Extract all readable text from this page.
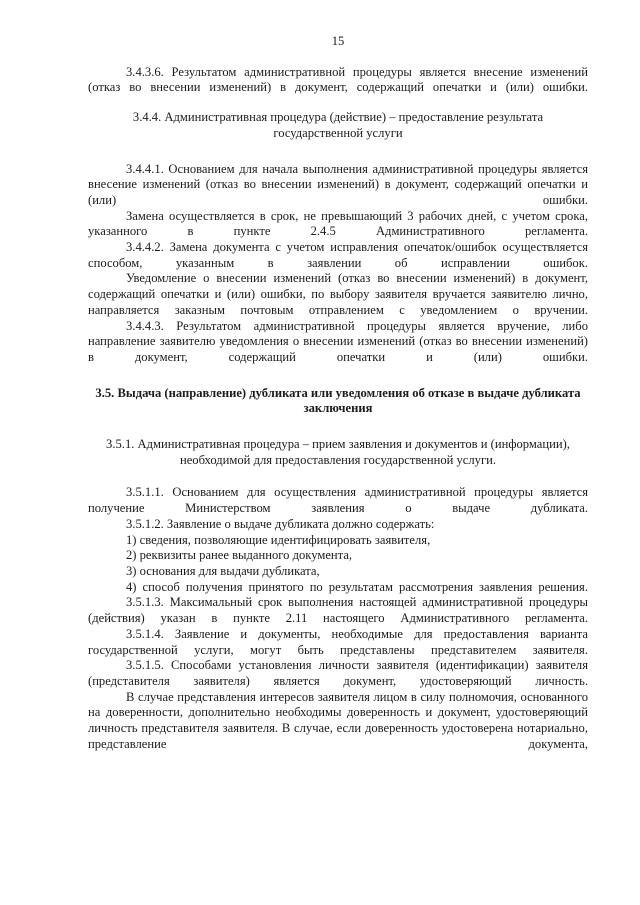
15

3.4.3.6. Результатом административной процедуры является внесение изменений (отказ во внесении изменений) в документ, содержащий опечатки и (или) ошибки.

3.4.4. Административная процедура (действие) – предоставление результата государственной услуги

3.4.4.1. Основанием для начала выполнения административной процедуры является внесение изменений (отказ во внесении изменений) в документ, содержащий опечатки и (или) ошибки.

Замена осуществляется в срок, не превышающий 3 рабочих дней, с учетом срока, указанного в пункте 2.4.5 Административного регламента.

3.4.4.2. Замена документа с учетом исправления опечаток/ошибок осуществляется способом, указанным в заявлении об исправлении ошибок.

Уведомление о внесении изменений (отказ во внесении изменений) в документ, содержащий опечатки и (или) ошибки, по выбору заявителя вручается заявителю лично, направляется заказным почтовым отправлением с уведомлением о вручении.

3.4.4.3. Результатом административной процедуры является вручение, либо направление заявителю уведомления о внесении изменений (отказ во внесении изменений) в документ, содержащий опечатки и (или) ошибки.

3.5. Выдача (направление) дубликата или уведомления об отказе в выдаче дубликата заключения

3.5.1. Административная процедура – прием заявления и документов и (информации), необходимой для предоставления государственной услуги.

3.5.1.1. Основанием для осуществления административной процедуры является получение Министерством заявления о выдаче дубликата.

3.5.1.2. Заявление о выдаче дубликата должно содержать:

1) сведения, позволяющие идентифицировать заявителя,

2) реквизиты ранее выданного документа,

3) основания для выдачи дубликата,

4) способ получения принятого по результатам рассмотрения заявления решения.

3.5.1.3. Максимальный срок выполнения настоящей административной процедуры (действия) указан в пункте 2.11 настоящего Административного регламента.

3.5.1.4. Заявление и документы, необходимые для предоставления варианта государственной услуги, могут быть представлены представителем заявителя.

3.5.1.5. Способами установления личности заявителя (идентификации) заявителя (представителя заявителя) является документ, удостоверяющий личность.

В случае представления интересов заявителя лицом в силу полномочия, основанного на доверенности, дополнительно необходимы доверенность и документ, удостоверяющий личность представителя заявителя. В случае, если доверенность удостоверена нотариально, представление документа,
